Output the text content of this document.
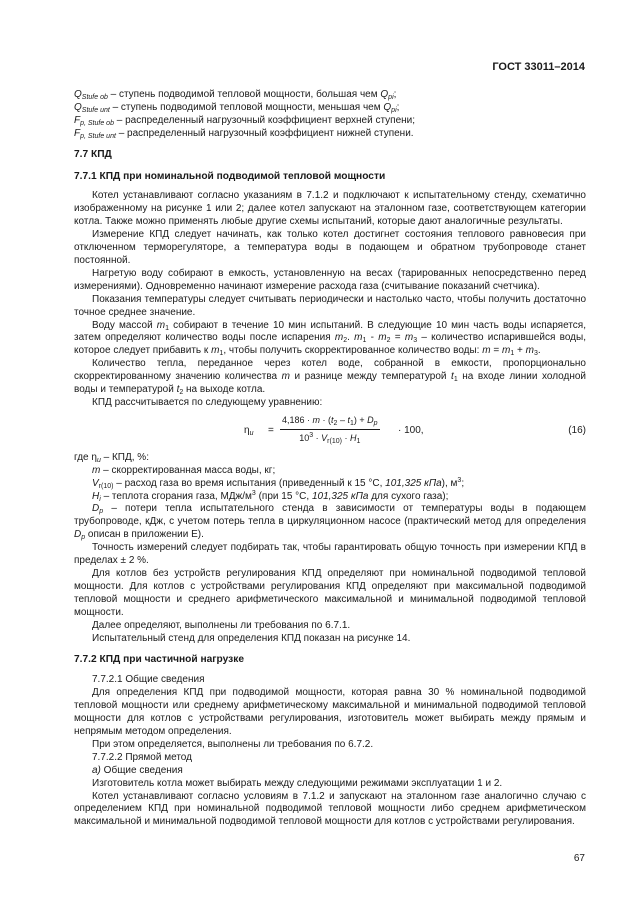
ГОСТ 33011–2014

$Q_{Stufe ob}$ – ступень подводимой тепловой мощности, большая чем $Q_{pi}$;

$Q_{Stufe unt}$ – ступень подводимой тепловой мощности, меньшая чем $Q_{pi}$;

$F_{p, Stufe ob}$ – распределенный нагрузочный коэффициент верхней ступени;

$F_{p, Stufe unt}$ – распределенный нагрузочный коэффициент нижней ступени.

7.7 КПД
7.7.1 КПД при номинальной подводимой тепловой мощности

Котел устанавливают согласно указаниям в 7.1.2 и подключают к испытательному стенду, схематично изображенному на рисунке 1 или 2; далее котел запускают на эталонном газе, соответствующем категории котла. Также можно применять любые другие схемы испытаний, которые дают аналогичные результаты.

Измерение КПД следует начинать, как только котел достигнет состояния теплового равновесия при отключенном терморегуляторе, а температура воды в подающем и обратном трубопроводе станет постоянной.

Нагретую воду собирают в емкость, установленную на весах (тарированных непосредственно перед измерениями). Одновременно начинают измерение расхода газа (считывание показаний счетчика).

Показания температуры следует считывать периодически и настолько часто, чтобы получить достаточно точное среднее значение.

Воду массой $m_1$ собирают в течение 10 мин испытаний. В следующие 10 мин часть воды испаряется, затем определяют количество воды после испарения $m_2$. $m_1 - m_2 = m_3$ – количество испарившейся воды, которое следует прибавить к $m_1$, чтобы получить скорректированное количество воды: $m = m_1 + m_3$.

Количество тепла, переданное через котел воде, собранной в емкости, пропорционально скорректированному значению количества m и разнице между температурой $t_1$ на входе линии холодной воды и температурой $t_2$ на выходе котла.

КПД рассчитывается по следующему уравнению:

$\eta_u = \frac{4,186 \cdot m \cdot (t_2 - t_1) + D_p}{10^3 \cdot V_{r(10)} \cdot H_1} \cdot 100$,	(16)

где $\eta_u$ – КПД, %:

m – скорректированная масса воды, кг;

$V_{r(10)}$ – расход газа во время испытания (приведенный к 15 °С, 101,325 кПа), $м^3$;

$H_i$ – теплота сгорания газа, МДж/$м^3$ (при 15 °С, 101,325 кПа для сухого газа);

$D_p$ – потери тепла испытательного стенда в зависимости от температуры воды в подающем трубопроводе, кДж, с учетом потерь тепла в циркуляционном насосе (практический метод для определения $D_p$ описан в приложении Е).

Точность измерений следует подбирать так, чтобы гарантировать общую точность при измерении КПД в пределах ± 2 %.

Для котлов без устройств регулирования КПД определяют при номинальной подводимой тепловой мощности. Для котлов с устройствами регулирования КПД определяют при максимальной подводимой тепловой мощности и среднего арифметического максимальной и минимальной подводимой тепловой мощности.

Далее определяют, выполнены ли требования по 6.7.1.

Испытательный стенд для определения КПД показан на рисунке 14.

7.7.2 КПД при частичной нагрузке

7.7.2.1 Общие сведения

Для определения КПД при подводимой мощности, которая равна 30 % номинальной подводимой тепловой мощности или среднему арифметическому максимальной и минимальной подводимой тепловой мощности для котлов с устройствами регулирования, изготовитель может выбирать между прямым и непрямым методом определения.

При этом определяется, выполнены ли требования по 6.7.2.

7.7.2.2 Прямой метод

а) Общие сведения

Изготовитель котла может выбирать между следующими режимами эксплуатации 1 и 2.

Котел устанавливают согласно условиям в 7.1.2 и запускают на эталонном газе аналогично случаю с определением КПД при номинальной подводимой тепловой мощности либо среднем арифметическом максимальной и минимальной подводимой тепловой мощности для котлов с устройствами регулирования.

67
